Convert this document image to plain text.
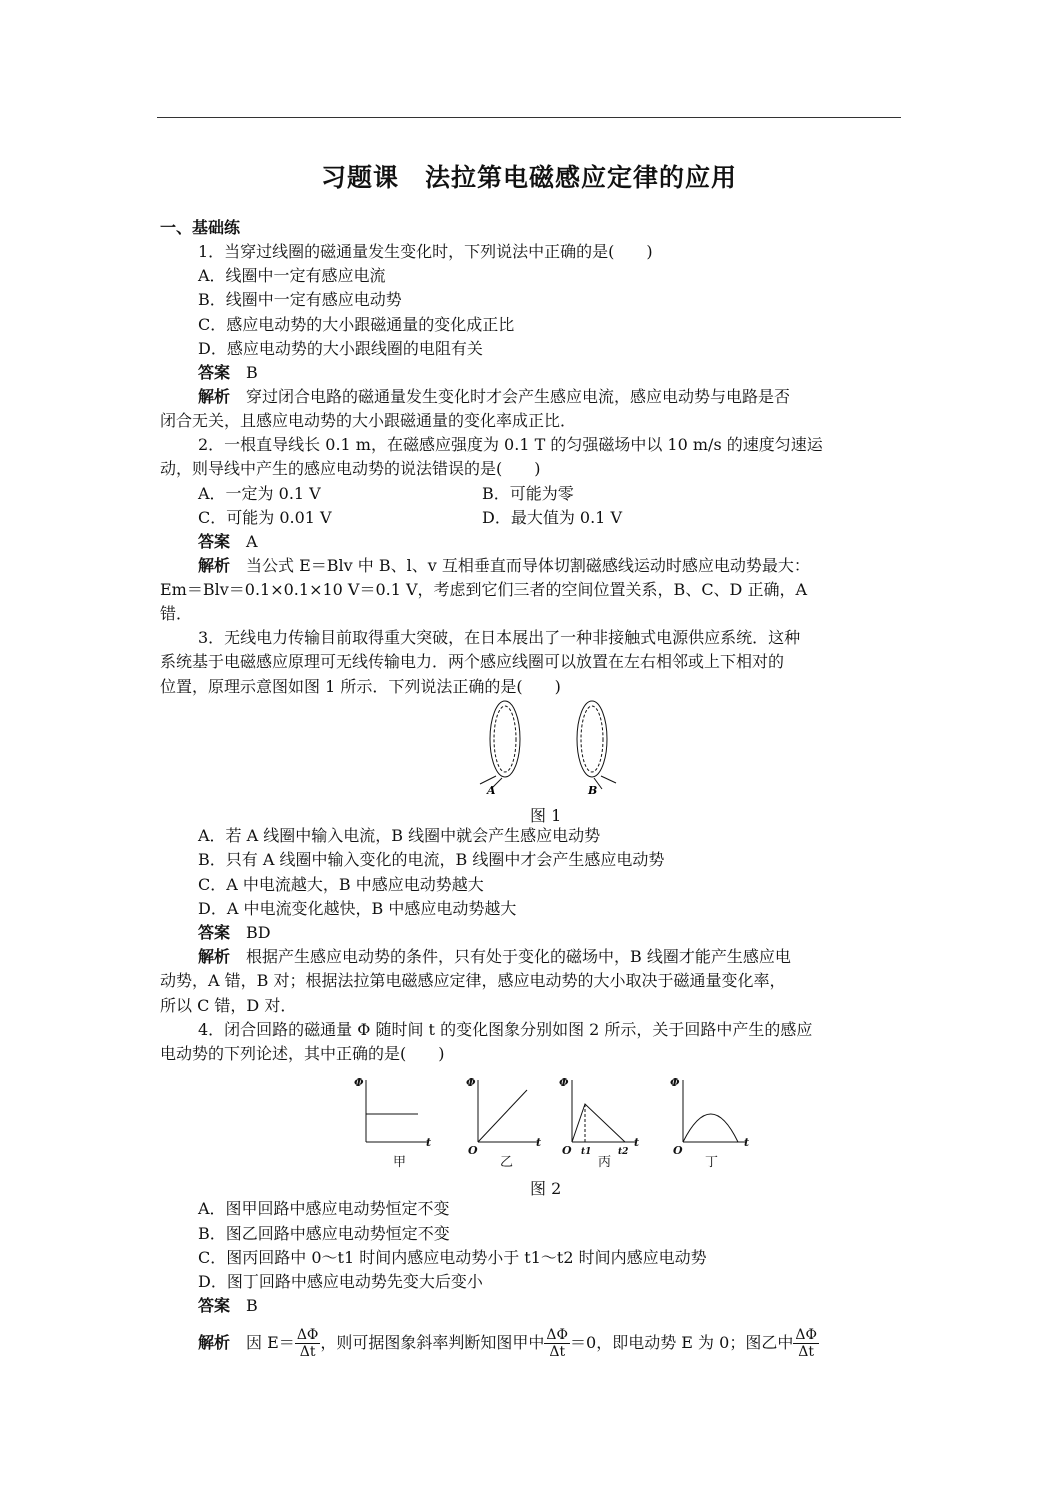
习题课　法拉第电磁感应定律的应用
一、基础练
1．当穿过线圈的磁通量发生变化时，下列说法中正确的是(　　)
A．线圈中一定有感应电流
B．线圈中一定有感应电动势
C．感应电动势的大小跟磁通量的变化成正比
D．感应电动势的大小跟线圈的电阻有关
答案　 B
解析　 穿过闭合电路的磁通量发生变化时才会产生感应电流，感应电动势与电路是否
闭合无关，且感应电动势的大小跟磁通量的变化率成正比．
2．一根直导线长 0.1 m，在磁感应强度为 0.1 T 的匀强磁场中以 10 m/s 的速度匀速运
动，则导线中产生的感应电动势的说法错误的是(　　)
A．一定为 0.1 V	B．可能为零
C．可能为 0.01 V	D．最大值为 0.1 V
答案　 A
解析　 当公式 E＝Blv 中 B、l、v 互相垂直而导体切割磁感线运动时感应电动势最大：
Em＝Blv＝0.1×0.1×10 V＝0.1 V，考虑到它们三者的空间位置关系，B、C、D 正确，A
错．
3．无线电力传输目前取得重大突破，在日本展出了一种非接触式电源供应系统．这种
系统基于电磁感应原理可无线传输电力．两个感应线圈可以放置在左右相邻或上下相对的
位置，原理示意图如图 1 所示．下列说法正确的是(　　)
A	B
图 1
A．若 A 线圈中输入电流，B 线圈中就会产生感应电动势
B．只有 A 线圈中输入变化的电流，B 线圈中才会产生感应电动势
C．A 中电流越大，B 中感应电动势越大
D．A 中电流变化越快，B 中感应电动势越大
答案　 BD
解析　 根据产生感应电动势的条件，只有处于变化的磁场中，B 线圈才能产生感应电
动势，A 错，B 对；根据法拉第电磁感应定律，感应电动势的大小取决于磁通量变化率，
所以 C 错，D 对．
4．闭合回路的磁通量 Φ 随时间 t 的变化图象分别如图 2 所示，关于回路中产生的感应
电动势的下列论述，其中正确的是(　　)
Φ
t
Φ
O
t
Φ
O t1	t2
t
Φ
O
t
甲	乙	丙	丁
图 2
A．图甲回路中感应电动势恒定不变
B．图乙回路中感应电动势恒定不变
C．图丙回路中 0～t1 时间内感应电动势小于 t1～t2 时间内感应电动势
D．图丁回路中感应电动势先变大后变小
答案　 B
解析　 因 $E= \frac{\Delta\Phi}{\Delta t}$ ，则可据图象斜率判断知图甲中 $\frac{\Delta\Phi}{\Delta t} =0$，即电动势 E 为 0；图乙中 $\frac{\Delta\Phi}{\Delta t}$
